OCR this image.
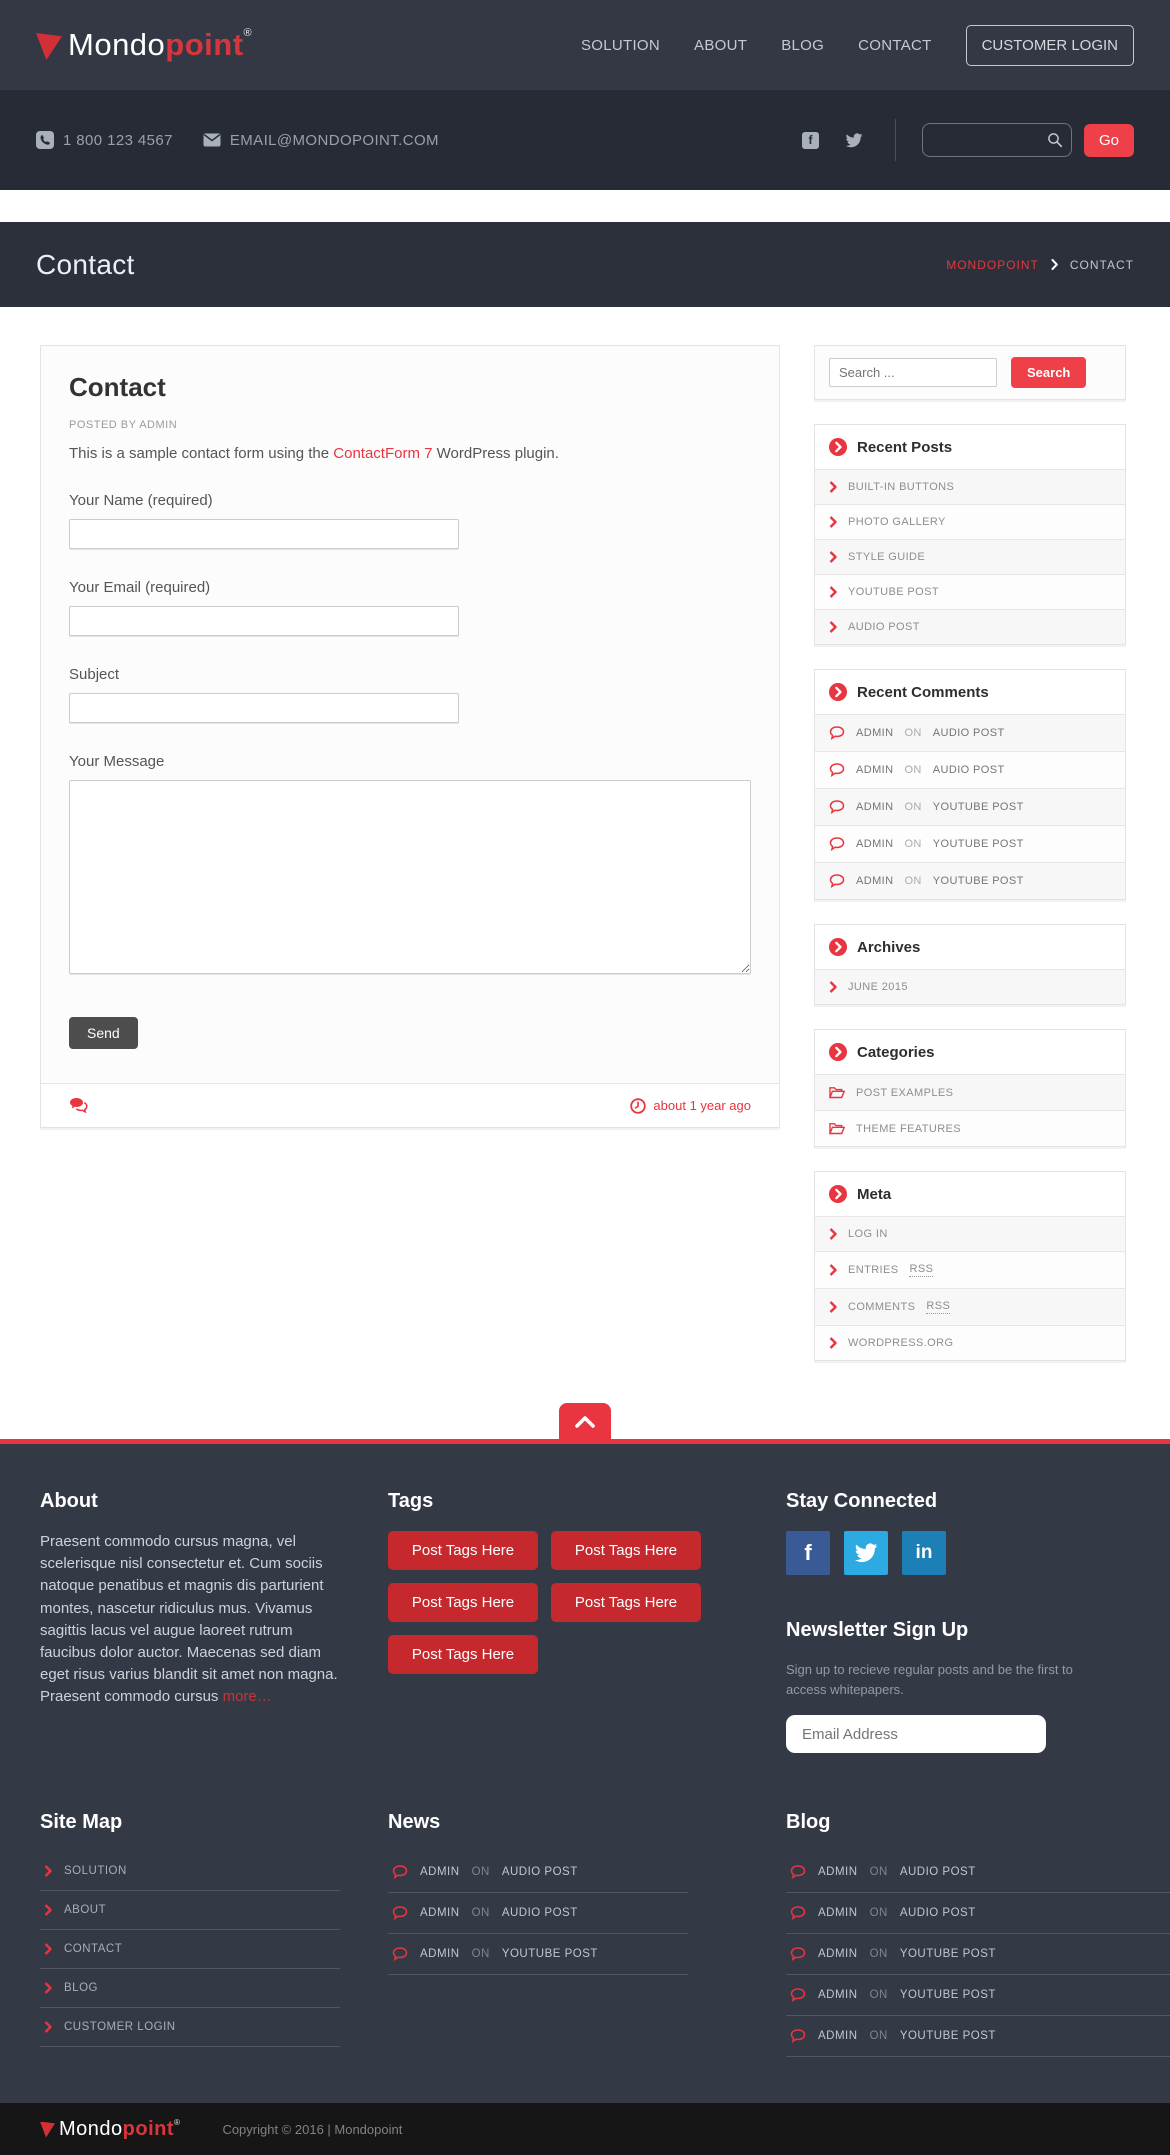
Mondopoint®
SOLUTION ABOUT BLOG CONTACT	CUSTOMER LOGIN
1 800 123 4567	EMAIL@MONDOPOINT.COM	f	Go
Contact	MONDOPOINT	CONTACT
Contact
POSTED BY ADMIN

This is a sample contact form using the ContactForm 7 WordPress plugin.

Your Name (required)
Your Email (required)
Subject
Your Message
Send
about 1 year ago
Search ...
Search
Recent Posts
BUILT-IN BUTTONS
PHOTO GALLERY
STYLE GUIDE
YOUTUBE POST
AUDIO POST
Recent Comments
ADMIN ON AUDIO POST
ADMIN ON AUDIO POST
ADMIN ON YOUTUBE POST
ADMIN ON YOUTUBE POST
ADMIN ON YOUTUBE POST
Archives
JUNE 2015
Categories
POST EXAMPLES
THEME FEATURES
Meta
LOG IN
ENTRIES RSS
COMMENTS RSS
WORDPRESS.ORG
About

Praesent commodo cursus magna, vel scelerisque nisl consectetur et. Cum sociis natoque penatibus et magnis dis parturient montes, nascetur ridiculus mus. Vivamus sagittis lacus vel augue laoreet rutrum faucibus dolor auctor. Maecenas sed diam eget risus varius blandit sit amet non magna. Praesent commodo cursus more…

Tags
Post Tags Here	Post Tags Here
Post Tags Here	Post Tags Here
Post Tags Here
Stay Connected
f	in
Newsletter Sign Up

Sign up to recieve regular posts and be the first to access whitepapers.

Email Address
Site Map
SOLUTION
ABOUT
CONTACT
BLOG
CUSTOMER LOGIN
News
ADMIN ON AUDIO POST
ADMIN ON AUDIO POST
ADMIN ON YOUTUBE POST
Blog
ADMIN ON AUDIO POST
ADMIN ON AUDIO POST
ADMIN ON YOUTUBE POST
ADMIN ON YOUTUBE POST
ADMIN ON YOUTUBE POST
Mondopoint®	Copyright © 2016 | Mondopoint
